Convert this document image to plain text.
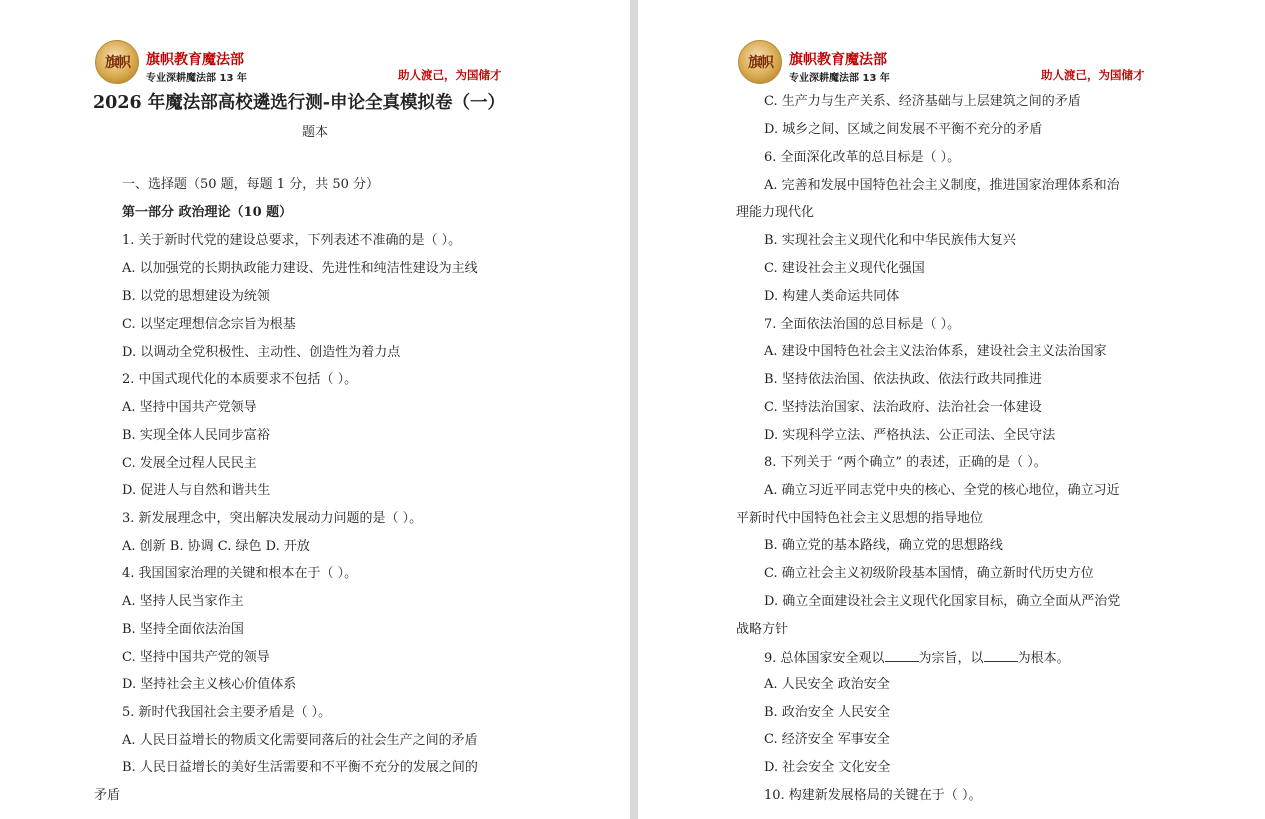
旗帜 旗帜教育魔法部
专业深耕魔法部 13 年	助人渡己，为国储才
2026 年魔法部高校遴选行测-申论全真模拟卷（一）
题本
一、选择题（50 题，每题 1 分，共 50 分）
第一部分 政治理论（10 题）
1. 关于新时代党的建设总要求，下列表述不准确的是（ ）。
A. 以加强党的长期执政能力建设、先进性和纯洁性建设为主线
B. 以党的思想建设为统领
C. 以坚定理想信念宗旨为根基
D. 以调动全党积极性、主动性、创造性为着力点
2. 中国式现代化的本质要求不包括（ ）。
A. 坚持中国共产党领导
B. 实现全体人民同步富裕
C. 发展全过程人民民主
D. 促进人与自然和谐共生
3. 新发展理念中，突出解决发展动力问题的是（ ）。
A. 创新 B. 协调 C. 绿色 D. 开放
4. 我国国家治理的关键和根本在于（ ）。
A. 坚持人民当家作主
B. 坚持全面依法治国
C. 坚持中国共产党的领导
D. 坚持社会主义核心价值体系
5. 新时代我国社会主要矛盾是（ ）。
A. 人民日益增长的物质文化需要同落后的社会生产之间的矛盾
B. 人民日益增长的美好生活需要和不平衡不充分的发展之间的
矛盾
旗帜 旗帜教育魔法部
专业深耕魔法部 13 年	助人渡己，为国储才
C. 生产力与生产关系、经济基础与上层建筑之间的矛盾
D. 城乡之间、区域之间发展不平衡不充分的矛盾
6. 全面深化改革的总目标是（ ）。
A. 完善和发展中国特色社会主义制度，推进国家治理体系和治
理能力现代化
B. 实现社会主义现代化和中华民族伟大复兴
C. 建设社会主义现代化强国
D. 构建人类命运共同体
7. 全面依法治国的总目标是（ ）。
A. 建设中国特色社会主义法治体系，建设社会主义法治国家
B. 坚持依法治国、依法执政、依法行政共同推进
C. 坚持法治国家、法治政府、法治社会一体建设
D. 实现科学立法、严格执法、公正司法、全民守法
8. 下列关于 “两个确立” 的表述，正确的是（ ）。
A. 确立习近平同志党中央的核心、全党的核心地位，确立习近
平新时代中国特色社会主义思想的指导地位
B. 确立党的基本路线，确立党的思想路线
C. 确立社会主义初级阶段基本国情，确立新时代历史方位
D. 确立全面建设社会主义现代化国家目标，确立全面从严治党
战略方针
9. 总体国家安全观以	为宗旨，以	为根本。
A. 人民安全 政治安全
B. 政治安全 人民安全
C. 经济安全 军事安全
D. 社会安全 文化安全
10. 构建新发展格局的关键在于（ ）。
